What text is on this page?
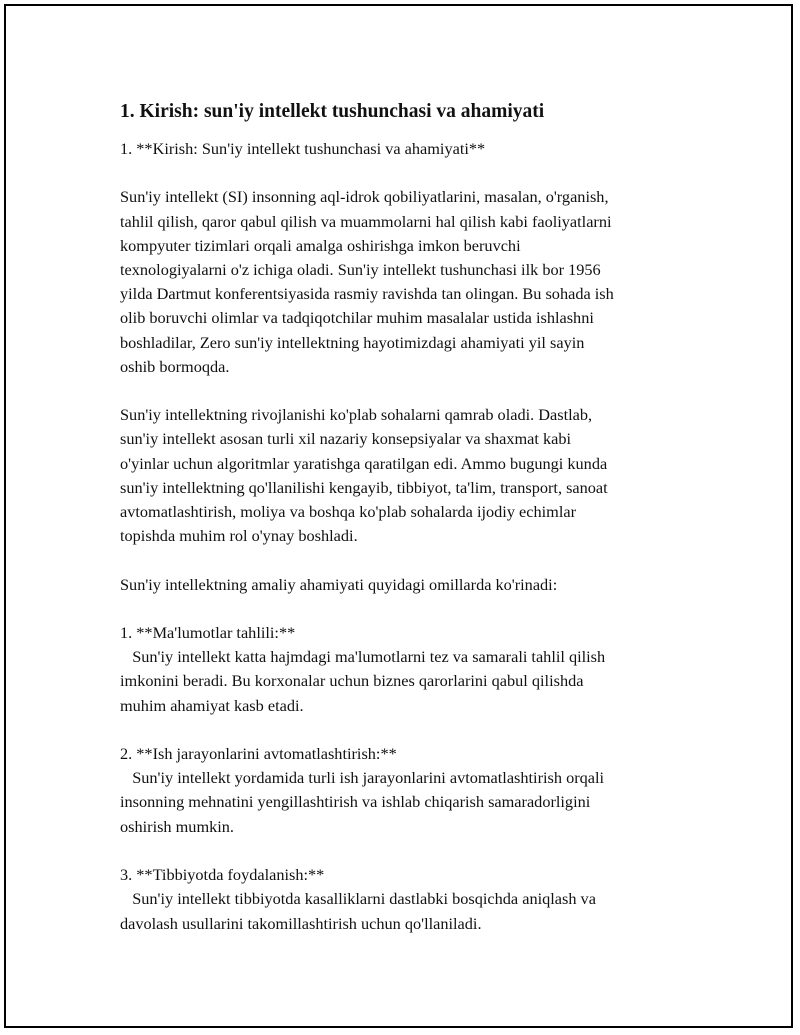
1. Kirish: sun'iy intellekt tushunchasi va ahamiyati
1. **Kirish: Sun'iy intellekt tushunchasi va ahamiyati**

Sun'iy intellekt (SI) insonning aql-idrok qobiliyatlarini, masalan, o'rganish,
tahlil qilish, qaror qabul qilish va muammolarni hal qilish kabi faoliyatlarni
kompyuter tizimlari orqali amalga oshirishga imkon beruvchi
texnologiyalarni o'z ichiga oladi. Sun'iy intellekt tushunchasi ilk bor 1956
yilda Dartmut konferentsiyasida rasmiy ravishda tan olingan. Bu sohada ish
olib boruvchi olimlar va tadqiqotchilar muhim masalalar ustida ishlashni
boshladilar, Zero sun'iy intellektning hayotimizdagi ahamiyati yil sayin
oshib bormoqda.

Sun'iy intellektning rivojlanishi ko'plab sohalarni qamrab oladi. Dastlab,
sun'iy intellekt asosan turli xil nazariy konsepsiyalar va shaxmat kabi
o'yinlar uchun algoritmlar yaratishga qaratilgan edi. Ammo bugungi kunda
sun'iy intellektning qo'llanilishi kengayib, tibbiyot, ta'lim, transport, sanoat
avtomatlashtirish, moliya va boshqa ko'plab sohalarda ijodiy echimlar
topishda muhim rol o'ynay boshladi.

Sun'iy intellektning amaliy ahamiyati quyidagi omillarda ko'rinadi:

1. **Ma'lumotlar tahlili:**
Sun'iy intellekt katta hajmdagi ma'lumotlarni tez va samarali tahlil qilish
imkonini beradi. Bu korxonalar uchun biznes qarorlarini qabul qilishda
muhim ahamiyat kasb etadi.

2. **Ish jarayonlarini avtomatlashtirish:**
Sun'iy intellekt yordamida turli ish jarayonlarini avtomatlashtirish orqali
insonning mehnatini yengillashtirish va ishlab chiqarish samaradorligini
oshirish mumkin.

3. **Tibbiyotda foydalanish:**
Sun'iy intellekt tibbiyotda kasalliklarni dastlabki bosqichda aniqlash va
davolash usullarini takomillashtirish uchun qo'llaniladi.
